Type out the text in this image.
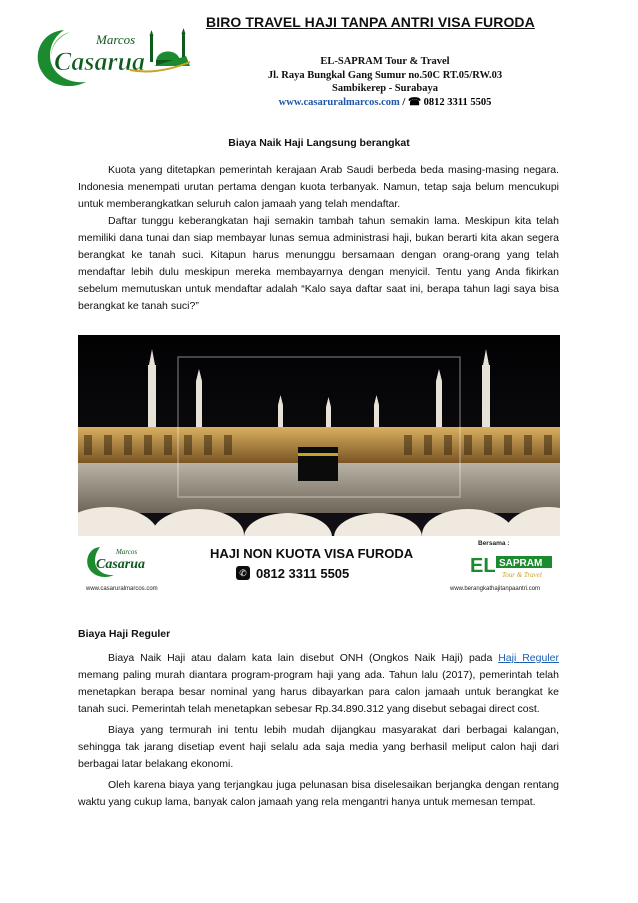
BIRO TRAVEL HAJI TANPA ANTRI VISA FURODA
Marcos
Casarua	EL-SAPRAM Tour & Travel
Jl. Raya Bungkal Gang Sumur no.50C RT.05/RW.03
Sambikerep - Surabaya
www.casaruralmarcos.com / ☎ 0812 3311 5505
Biaya Naik Haji Langsung berangkat

Kuota yang ditetapkan pemerintah kerajaan Arab Saudi berbeda beda masing-masing negara. Indonesia menempati urutan pertama dengan kuota terbanyak. Namun, tetap saja belum mencukupi untuk memberangkatkan seluruh calon jamaah yang telah mendaftar.

Daftar tunggu keberangkatan haji semakin tambah tahun semakin lama. Meskipun kita telah memiliki dana tunai dan siap membayar lunas semua administrasi haji, bukan berarti kita akan segera berangkat ke tanah suci. Kitapun harus menunggu bersamaan dengan orang-orang yang telah mendaftar lebih dulu meskipun mereka membayarnya dengan menyicil. Tentu yang Anda fikirkan sebelum memutuskan untuk mendaftar adalah “Kalo saya daftar saat ini, berapa tahun lagi saya bisa berangkat ke tanah suci?”

Marcos
Casarua
www.casaruralmarcos.com
HAJI NON KUOTA VISA FURODA
✆ 0812 3311 5505
Bersama :
EL SAPRAM
Tour & Travel
www.berangkathajitanpaantri.com
Biaya Haji Reguler

Biaya Naik Haji atau dalam kata lain disebut ONH (Ongkos Naik Haji) pada Haji Reguler memang paling murah diantara program-program haji yang ada. Tahun lalu (2017), pemerintah telah menetapkan berapa besar nominal yang harus dibayarkan para calon jamaah untuk berangkat ke tanah suci. Pemerintah telah menetapkan sebesar Rp.34.890.312 yang disebut sebagai direct cost.

Biaya yang termurah ini tentu lebih mudah dijangkau masyarakat dari berbagai kalangan, sehingga tak jarang disetiap event haji selalu ada saja media yang berhasil meliput calon haji dari berbagai latar belakang ekonomi.

Oleh karena biaya yang terjangkau juga pelunasan bisa diselesaikan berjangka dengan rentang waktu yang cukup lama, banyak calon jamaah yang rela mengantri hanya untuk memesan tempat.
